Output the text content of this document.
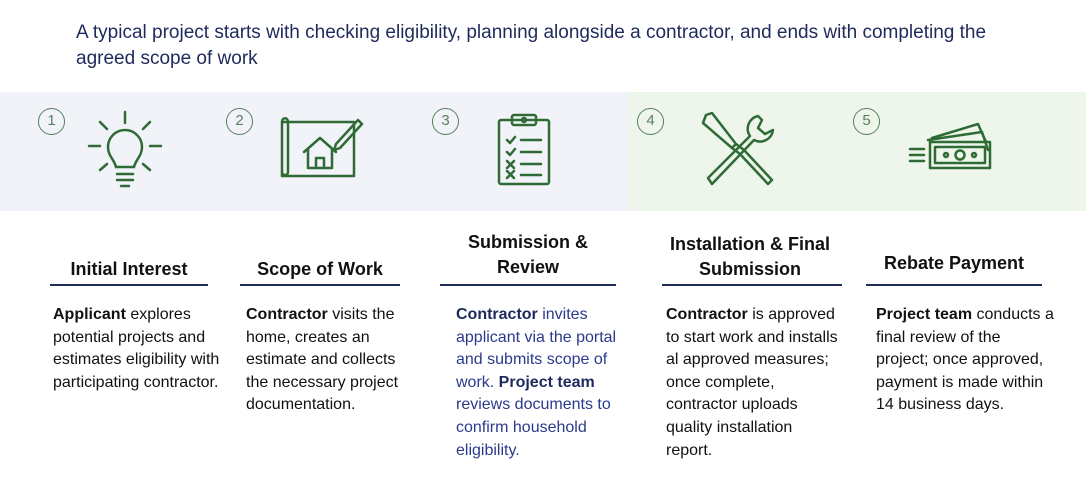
A typical project starts with checking eligibility, planning alongside a contractor, and ends with completing the agreed scope of work
1	2	3	4	5
Initial Interest	Scope of Work
Submission & Review
Installation & Final Submission	Rebate Payment
Applicant explores potential projects and estimates eligibility with participating contractor.
Contractor visits the home, creates an estimate and collects the necessary project documentation.
Contractor invites applicant via the portal and submits scope of work. Project team reviews documents to confirm household eligibility.
Contractor is approved to start work and installs al approved measures; once complete, contractor uploads quality installation report.
Project team conducts a final review of the project; once approved, payment is made within 14 business days.
